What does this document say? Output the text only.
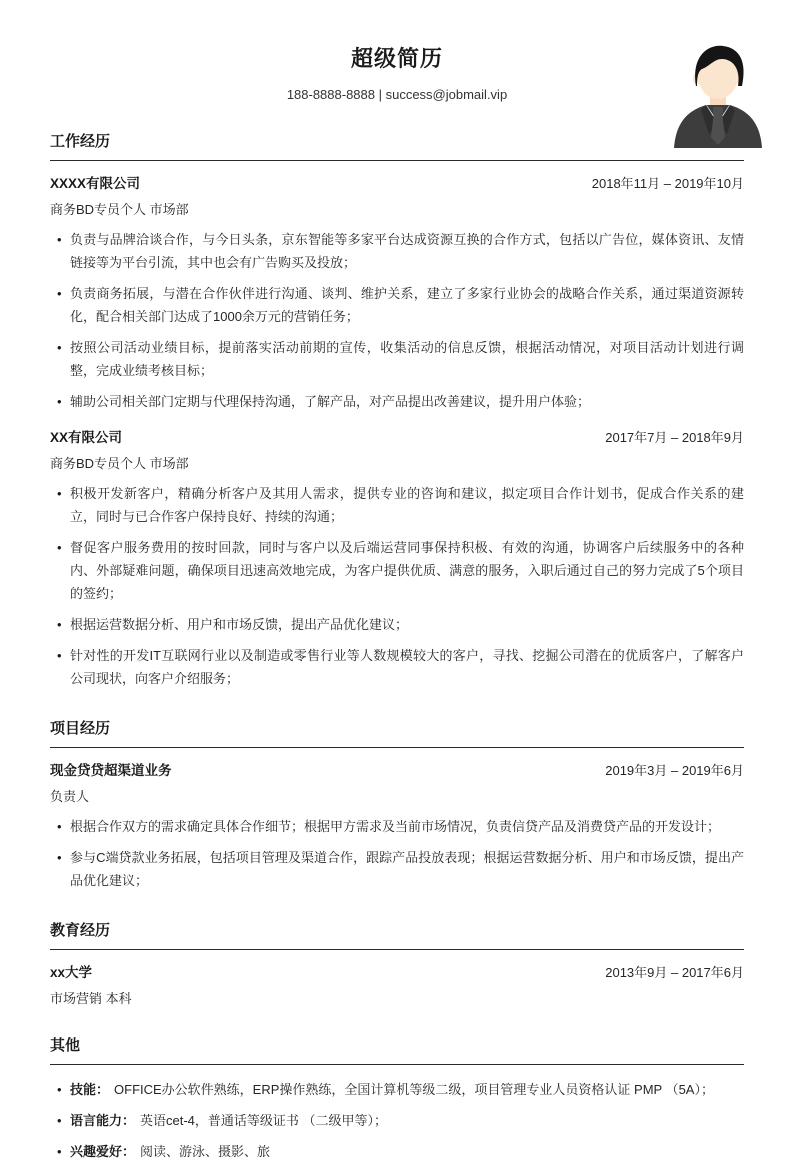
超级简历
188-8888-8888 | success@jobmail.vip
工作经历
XXXX有限公司	2018年11月 – 2019年10月
商务BD专员个人 市场部
• 负责与品牌洽谈合作，与今日头条，京东智能等多家平台达成资源互换的合作方式，包括以广告位，媒体资讯、友情链接等为平台引流，其中也会有广告购买及投放；
• 负责商务拓展，与潜在合作伙伴进行沟通、谈判、维护关系，建立了多家行业协会的战略合作关系，通过渠道资源转化，配合相关部门达成了1000余万元的营销任务；
• 按照公司活动业绩目标，提前落实活动前期的宣传，收集活动的信息反馈，根据活动情况，对项目活动计划进行调整，完成业绩考核目标；
• 辅助公司相关部门定期与代理保持沟通，了解产品，对产品提出改善建议，提升用户体验；
XX有限公司	2017年7月 – 2018年9月
商务BD专员个人 市场部
• 积极开发新客户，精确分析客户及其用人需求，提供专业的咨询和建议，拟定项目合作计划书，促成合作关系的建立，同时与已合作客户保持良好、持续的沟通；
• 督促客户服务费用的按时回款，同时与客户以及后端运营同事保持积极、有效的沟通，协调客户后续服务中的各种内、外部疑难问题，确保项目迅速高效地完成，为客户提供优质、满意的服务，入职后通过自己的努力完成了5个项目的签约；
• 根据运营数据分析、用户和市场反馈，提出产品优化建议；
• 针对性的开发IT互联网行业以及制造或零售行业等人数规模较大的客户，寻找、挖掘公司潜在的优质客户，了解客户公司现状，向客户介绍服务；
项目经历
现金贷贷超渠道业务	2019年3月 – 2019年6月
负责人
• 根据合作双方的需求确定具体合作细节；根据甲方需求及当前市场情况，负责信贷产品及消费贷产品的开发设计；
• 参与C端贷款业务拓展，包括项目管理及渠道合作，跟踪产品投放表现；根据运营数据分析、用户和市场反馈，提出产品优化建议；
教育经历
xx大学	2013年9月 – 2017年6月
市场营销 本科
其他
• 技能： OFFICE办公软件熟练，ERP操作熟练，全国计算机等级二级，项目管理专业人员资格认证 PMP （5A）；
• 语言能力： 英语cet-4，普通话等级证书 （二级甲等）；
• 兴趣爱好： 阅读、游泳、摄影、旅
